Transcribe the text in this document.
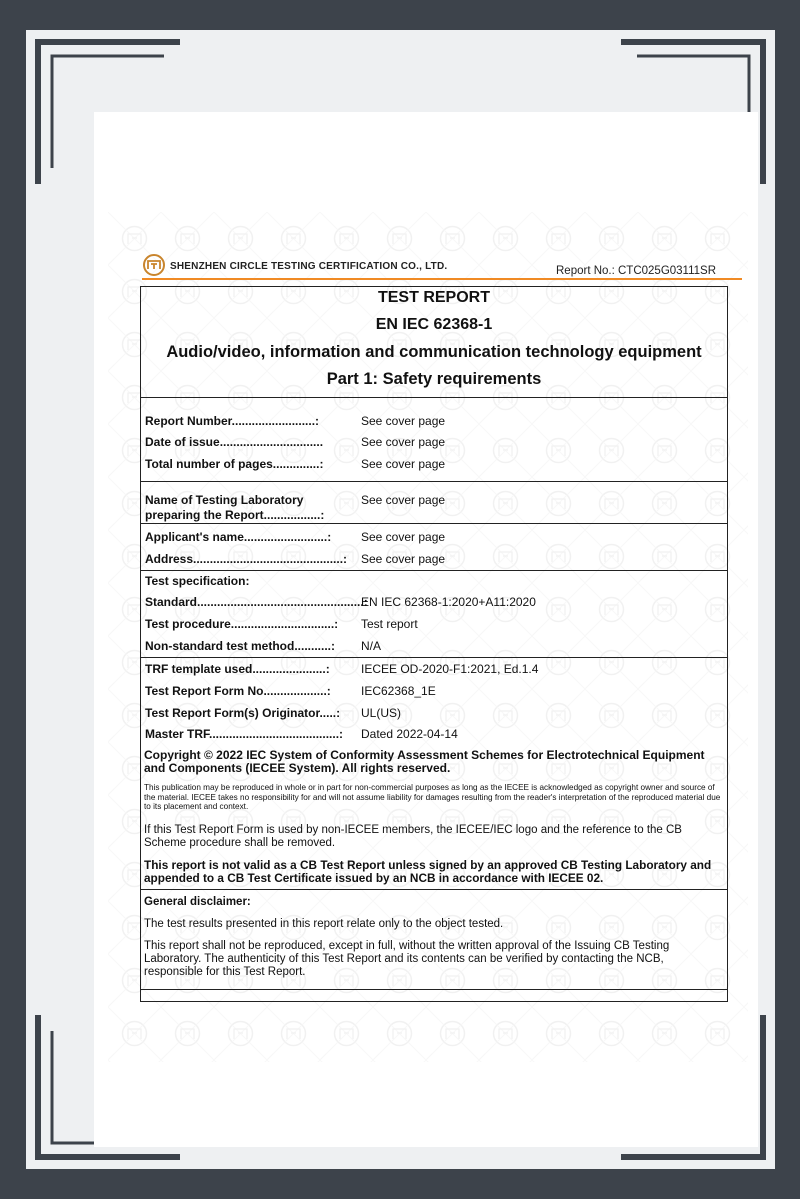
SHENZHEN CIRCLE TESTING CERTIFICATION CO., LTD.	Report No.: CTC025G03111SR
TEST REPORT
EN IEC 62368-1
Audio/video, information and communication technology equipment
Part 1: Safety requirements
Report Number.........................:	See cover page
Date of issue...............................	See cover page
Total number of pages..............:	See cover page
Name of Testing Laboratory	See cover page
preparing the Report.................:
Applicant's name.........................: See cover page
Address.............................................: See cover page
Test specification:
Standard..................................................:
EN IEC 62368-1:2020+A11:2020
Test procedure...............................: Test report
Non-standard test method...........: N/A
TRF template used......................:	IECEE OD-2020-F1:2021, Ed.1.4
Test Report Form No...................:	IEC62368_1E
Test Report Form(s) Originator.....: UL(US)
Master TRF.......................................: Dated 2022-04-14
Copyright © 2022 IEC System of Conformity Assessment Schemes for Electrotechnical Equipment and Components (IECEE System). All rights reserved.
This publication may be reproduced in whole or in part for non-commercial purposes as long as the IECEE is acknowledged as copyright owner and source of the material. IECEE takes no responsibility for and will not assume liability for damages resulting from the reader's interpretation of the reproduced material due to its placement and context.
If this Test Report Form is used by non-IECEE members, the IECEE/IEC logo and the reference to the CB Scheme procedure shall be removed.
This report is not valid as a CB Test Report unless signed by an approved CB Testing Laboratory and appended to a CB Test Certificate issued by an NCB in accordance with IECEE 02.
General disclaimer:
The test results presented in this report relate only to the object tested.
This report shall not be reproduced, except in full, without the written approval of the Issuing CB Testing Laboratory. The authenticity of this Test Report and its contents can be verified by contacting the NCB, responsible for this Test Report.
